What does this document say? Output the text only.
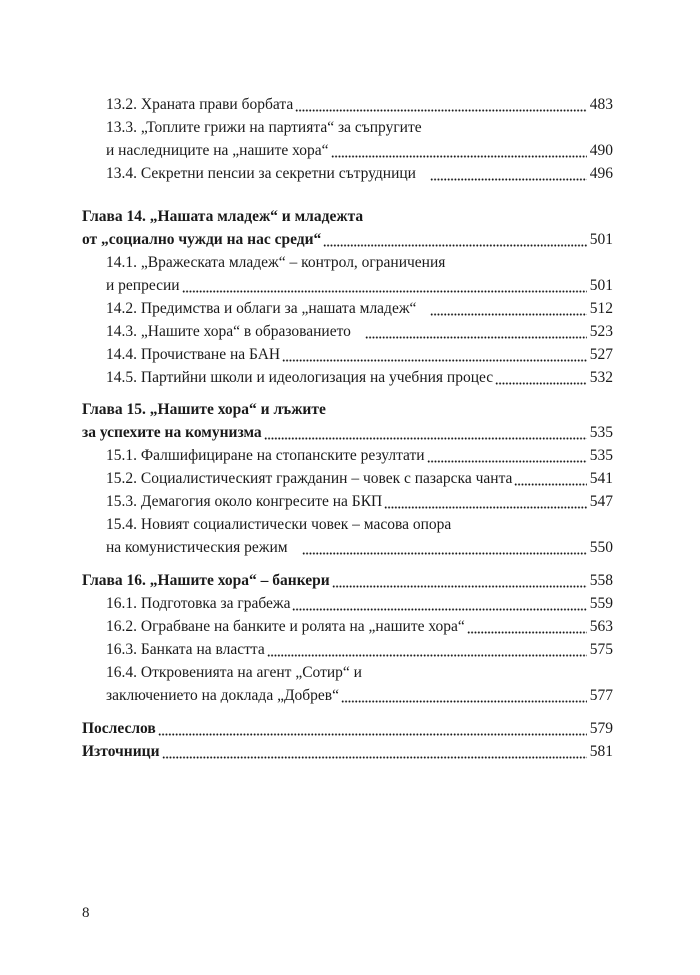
13.2. Храната прави борбата	483
13.3. „Топлите грижи на партията“ за съпругите
и наследниците на „нашите хора“	490
13.4. Секретни пенсии за секретни сътрудници	496
Глава 14. „Нашата младеж“ и младежта
от „социално чужди на нас среди“	501
14.1. „Вражеската младеж“ – контрол, ограничения
и репресии	501
14.2. Предимства и облаги за „нашата младеж“	512
14.3. „Нашите хора“ в образованието	523
14.4. Прочистване на БАН	527
14.5. Партийни школи и идеологизация на учебния процес	532
Глава 15. „Нашите хора“ и лъжите
за успехите на комунизма	535
15.1. Фалшифициране на стопанските резултати	535
15.2. Социалистическият гражданин – човек с пазарска чанта	541
15.3. Демагогия около конгресите на БКП	547
15.4. Новият социалистически човек – масова опора
на комунистическия режим	550
Глава 16. „Нашите хора“ – банкери	558
16.1. Подготовка за грабежа	559
16.2. Ограбване на банките и ролята на „нашите хора“	563
16.3. Банката на властта	575
16.4. Откровенията на агент „Сотир“ и
заключението на доклада „Добрев“	577
Послеслов	579
Източници	581
8
